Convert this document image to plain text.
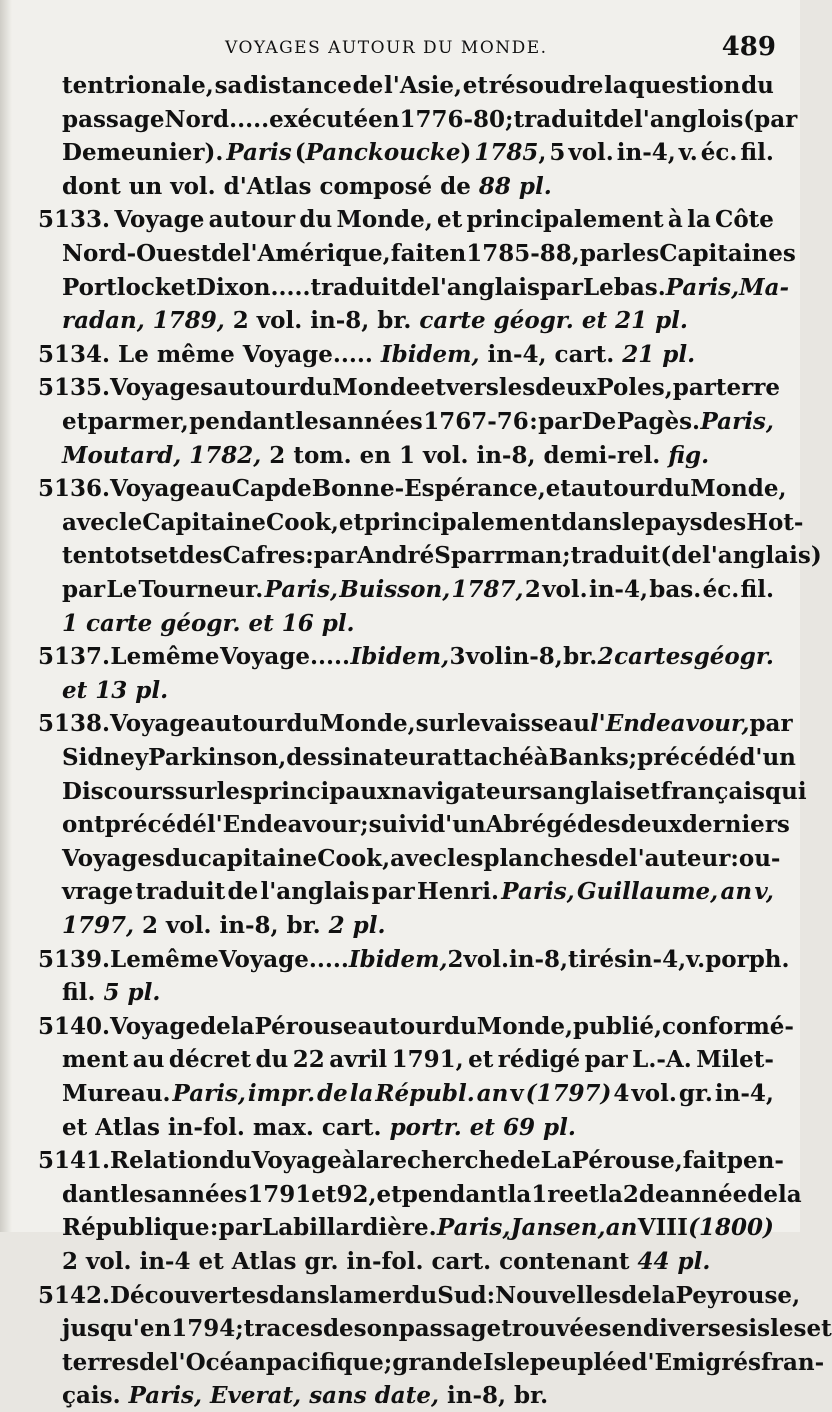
VOYAGES AUTOUR DU MONDE.	489
tentrionale, sa distance de l'Asie, et résoudre la question du
passage Nord..... exécuté en 1776-80; traduit de l'anglois (par
Demeunier). Paris (Panckoucke) 1785, 5 vol. in-4, v. éc. fil.
dont un vol. d'Atlas composé de 88 pl.
5133. Voyage autour du Monde, et principalement à la Côte
Nord-Ouest de l'Amérique, fait en 1785-88, par les Capitaines
Portlock et Dixon..... traduit de l'anglais par Lebas. Paris, Ma-
radan, 1789, 2 vol. in-8, br. carte géogr. et 21 pl.
5134. Le même Voyage..... Ibidem, in-4, cart. 21 pl.
5135. Voyages autour du Monde et vers les deux Poles, par terre
et par mer, pendant les années 1767-76 : par De Pagès. Paris,
Moutard, 1782, 2 tom. en 1 vol. in-8, demi-rel. fig.
5136. Voyage au Cap de Bonne-Espérance, et autour du Monde,
avec le Capitaine Cook, et principalement dans le pays des Hot-
tentots et des Cafres : par André Sparrman ; traduit (de l'anglais)
par Le Tourneur. Paris, Buisson, 1787, 2 vol. in-4, bas. éc. fil.
1 carte géogr. et 16 pl.
5137. Le même Voyage..... Ibidem, 3 vol in-8, br. 2 cartes géogr.
et 13 pl.
5138. Voyage autour du Monde, sur le vaisseau l'Endeavour, par
Sidney Parkinson, dessinateur attaché à Banks; précédé d'un
Discours sur les principaux navigateurs anglais et français qui
ont précédé l'Endeavour; suivi d'un Abrégé des deux derniers
Voyages du capitaine Cook, avec les planches de l'auteur : ou-
vrage traduit de l'anglais par Henri. Paris, Guillaume, an v,
1797, 2 vol. in-8, br. 2 pl.
5139. Le même Voyage..... Ibidem, 2 vol. in-8, tirés in-4, v. porph.
fil. 5 pl.
5140. Voyage de la Pérouse autour du Monde, publié, conformé-
ment au décret du 22 avril 1791, et rédigé par L.-A. Milet-
Mureau. Paris, impr. de la Républ. an v (1797) 4 vol. gr. in-4,
et Atlas in-fol. max. cart. portr. et 69 pl.
5141. Relation du Voyage à la recherche de La Pérouse, fait pen-
dant les années 1791 et 92, et pendant la 1re et la 2de année de la
République : par Labillardière. Paris, Jansen, an VIII (1800)
2 vol. in-4 et Atlas gr. in-fol. cart. contenant 44 pl.
5142. Découvertes dans la mer du Sud : Nouvelles de la Peyrouse,
jusqu'en 1794 ; traces de son passage trouvées en diverses isles et
terres de l'Océan pacifique ; grande Isle peuplée d'Emigrés fran-
çais. Paris, Everat, sans date, in-8, br.
